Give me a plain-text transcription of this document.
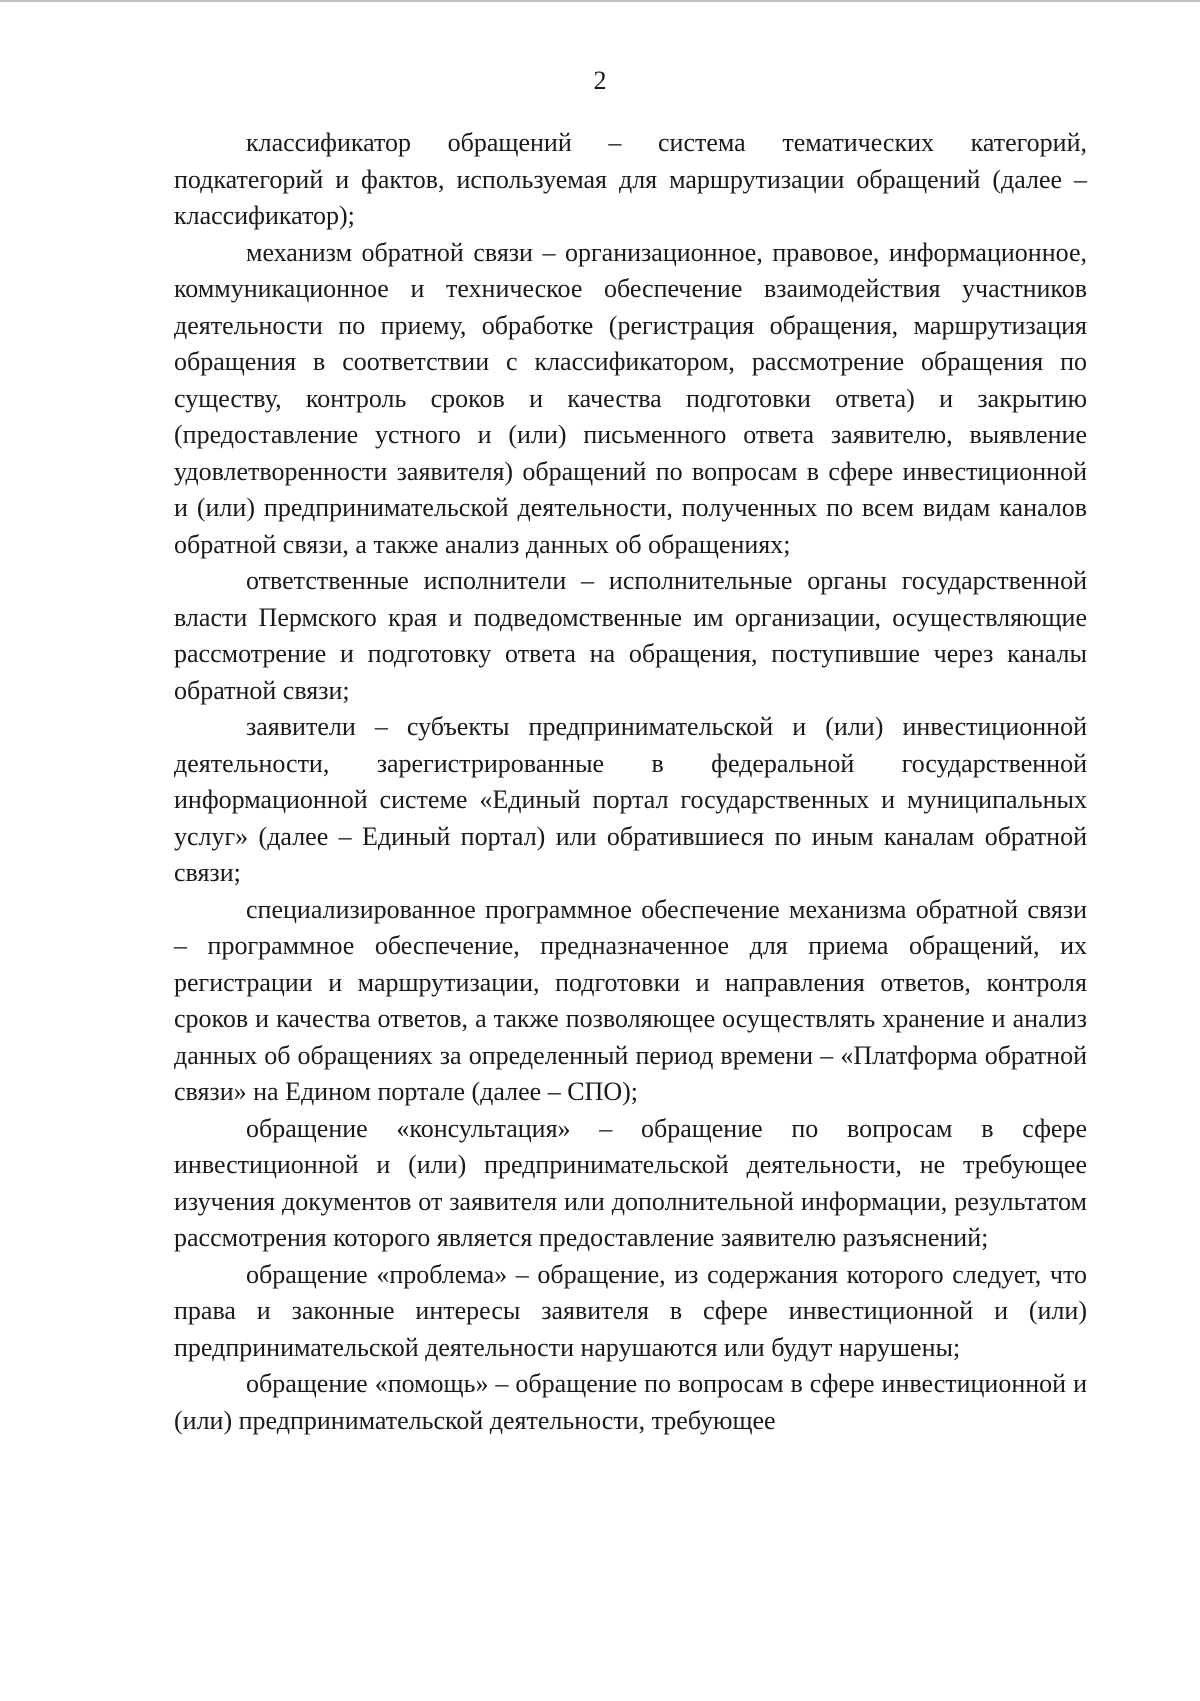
2

классификатор обращений – система тематических категорий, подкатегорий и фактов, используемая для маршрутизации обращений (далее – классификатор);

механизм обратной связи – организационное, правовое, информационное, коммуникационное и техническое обеспечение взаимодействия участников деятельности по приему, обработке (регистрация обращения, маршрутизация обращения в соответствии с классификатором, рассмотрение обращения по существу, контроль сроков и качества подготовки ответа) и закрытию (предоставление устного и (или) письменного ответа заявителю, выявление удовлетворенности заявителя) обращений по вопросам в сфере инвестиционной и (или) предпринимательской деятельности, полученных по всем видам каналов обратной связи, а также анализ данных об обращениях;

ответственные исполнители – исполнительные органы государственной власти Пермского края и подведомственные им организации, осуществляющие рассмотрение и подготовку ответа на обращения, поступившие через каналы обратной связи;

заявители – субъекты предпринимательской и (или) инвестиционной деятельности, зарегистрированные в федеральной государственной информационной системе «Единый портал государственных и муниципальных услуг» (далее – Единый портал) или обратившиеся по иным каналам обратной связи;

специализированное программное обеспечение механизма обратной связи – программное обеспечение, предназначенное для приема обращений, их регистрации и маршрутизации, подготовки и направления ответов, контроля сроков и качества ответов, а также позволяющее осуществлять хранение и анализ данных об обращениях за определенный период времени – «Платформа обратной связи» на Едином портале (далее – СПО);

обращение «консультация» – обращение по вопросам в сфере инвестиционной и (или) предпринимательской деятельности, не требующее изучения документов от заявителя или дополнительной информации, результатом рассмотрения которого является предоставление заявителю разъяснений;

обращение «проблема» – обращение, из содержания которого следует, что права и законные интересы заявителя в сфере инвестиционной и (или) предпринимательской деятельности нарушаются или будут нарушены;

обращение «помощь» – обращение по вопросам в сфере инвестиционной и (или) предпринимательской деятельности, требующее
